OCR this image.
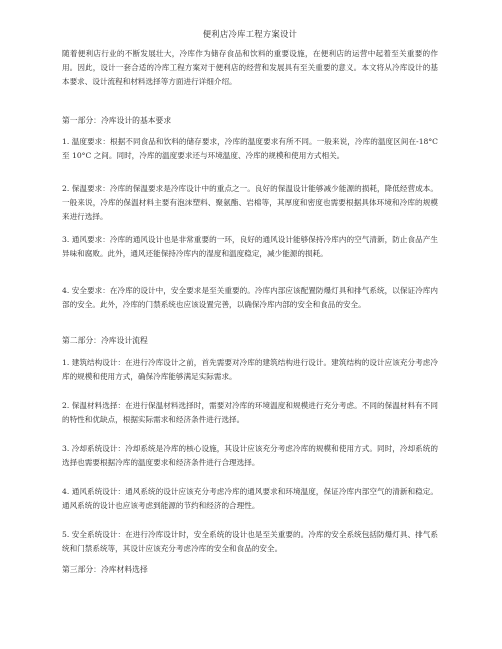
便利店冷库工程方案设计
随着便利店行业的不断发展壮大，冷库作为储存食品和饮料的重要设施，在便利店的运营中起着至关重要的作用。因此，设计一套合适的冷库工程方案对于便利店的经营和发展具有至关重要的意义。本文将从冷库设计的基本要求、设计流程和材料选择等方面进行详细介绍。
第一部分：冷库设计的基本要求
1. 温度要求：根据不同食品和饮料的储存要求，冷库的温度要求有所不同。一般来说，冷库的温度区间在-18°C 至 10°C 之间。同时，冷库的温度要求还与环境温度、冷库的规模和使用方式相关。
2. 保温要求：冷库的保温要求是冷库设计中的重点之一。良好的保温设计能够减少能源的损耗，降低经营成本。一般来说，冷库的保温材料主要有泡沫塑料、聚氨酯、岩棉等，其厚度和密度也需要根据具体环境和冷库的规模来进行选择。
3. 通风要求：冷库的通风设计也是非常重要的一环，良好的通风设计能够保持冷库内的空气清新，防止食品产生异味和腐败。此外，通风还能保持冷库内的湿度和温度稳定，减少能源的损耗。
4. 安全要求：在冷库的设计中，安全要求是至关重要的。冷库内部应该配置防爆灯具和排气系统，以保证冷库内部的安全。此外，冷库的门禁系统也应该设置完善，以确保冷库内部的安全和食品的安全。
第二部分：冷库设计流程
1. 建筑结构设计：在进行冷库设计之前，首先需要对冷库的建筑结构进行设计。建筑结构的设计应该充分考虑冷库的规模和使用方式，确保冷库能够满足实际需求。
2. 保温材料选择：在进行保温材料选择时，需要对冷库的环境温度和规模进行充分考虑。不同的保温材料有不同的特性和优缺点，根据实际需求和经济条件进行选择。
3. 冷却系统设计：冷却系统是冷库的核心设施，其设计应该充分考虑冷库的规模和使用方式。同时，冷却系统的选择也需要根据冷库的温度要求和经济条件进行合理选择。
4. 通风系统设计：通风系统的设计应该充分考虑冷库的通风要求和环境温度，保证冷库内部空气的清新和稳定。通风系统的设计也应该考虑到能源的节约和经济的合理性。
5. 安全系统设计：在进行冷库设计时，安全系统的设计也是至关重要的。冷库的安全系统包括防爆灯具、排气系统和门禁系统等，其设计应该充分考虑冷库的安全和食品的安全。
第三部分：冷库材料选择
